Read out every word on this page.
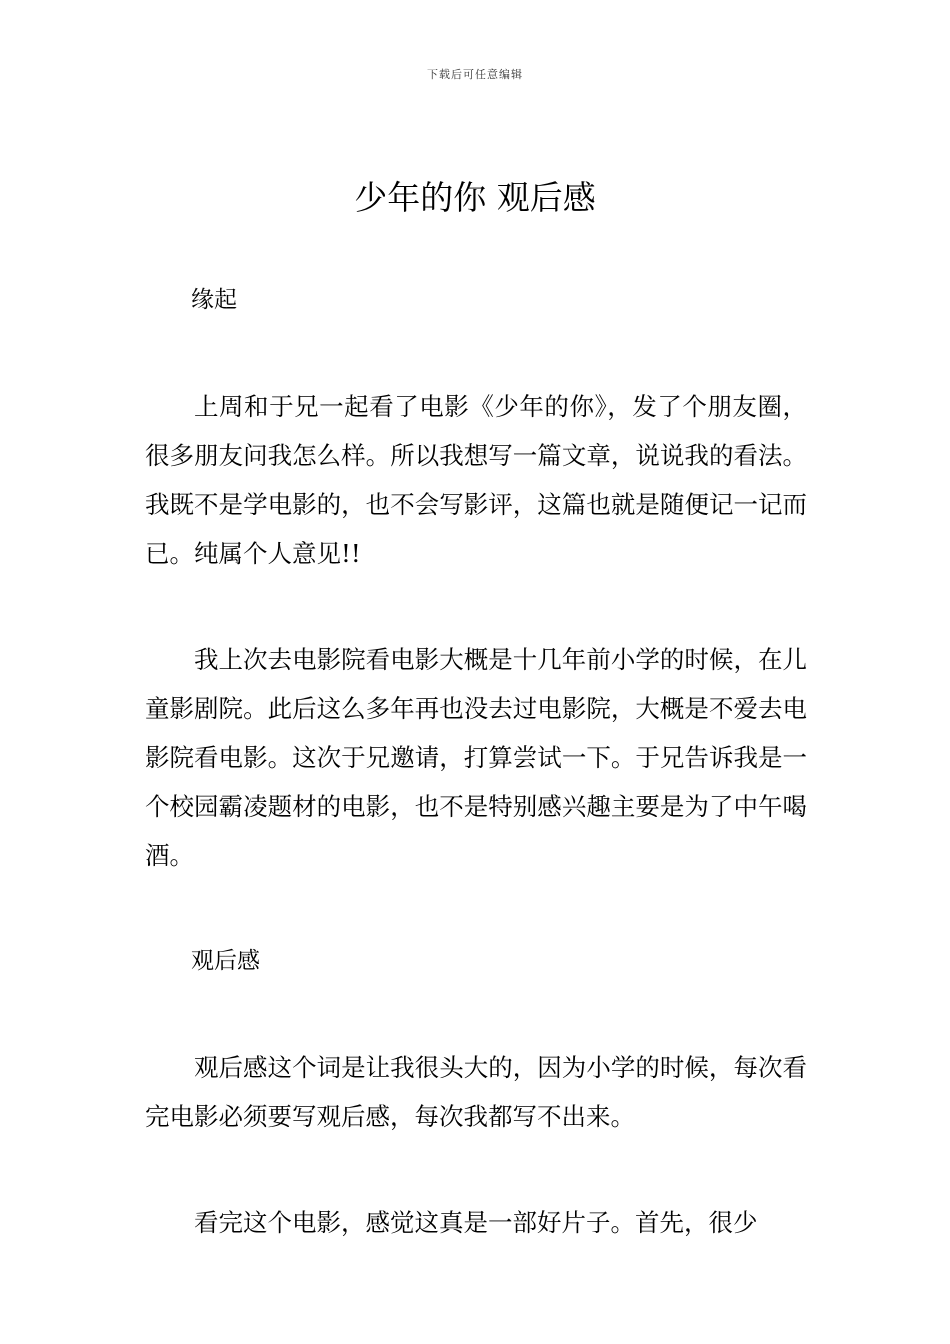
下载后可任意编辑
少年的你 观后感
缘起

上周和于兄一起看了电影《少年的你》，发了个朋友圈，很多朋友问我怎么样。所以我想写一篇文章，说说我的看法。我既不是学电影的，也不会写影评，这篇也就是随便记一记而已。纯属个人意见!!

我上次去电影院看电影大概是十几年前小学的时候，在儿童影剧院。此后这么多年再也没去过电影院，大概是不爱去电影院看电影。这次于兄邀请，打算尝试一下。于兄告诉我是一个校园霸凌题材的电影，也不是特别感兴趣主要是为了中午喝酒。

观后感

观后感这个词是让我很头大的，因为小学的时候，每次看完电影必须要写观后感，每次我都写不出来。

看完这个电影，感觉这真是一部好片子。首先，很少
